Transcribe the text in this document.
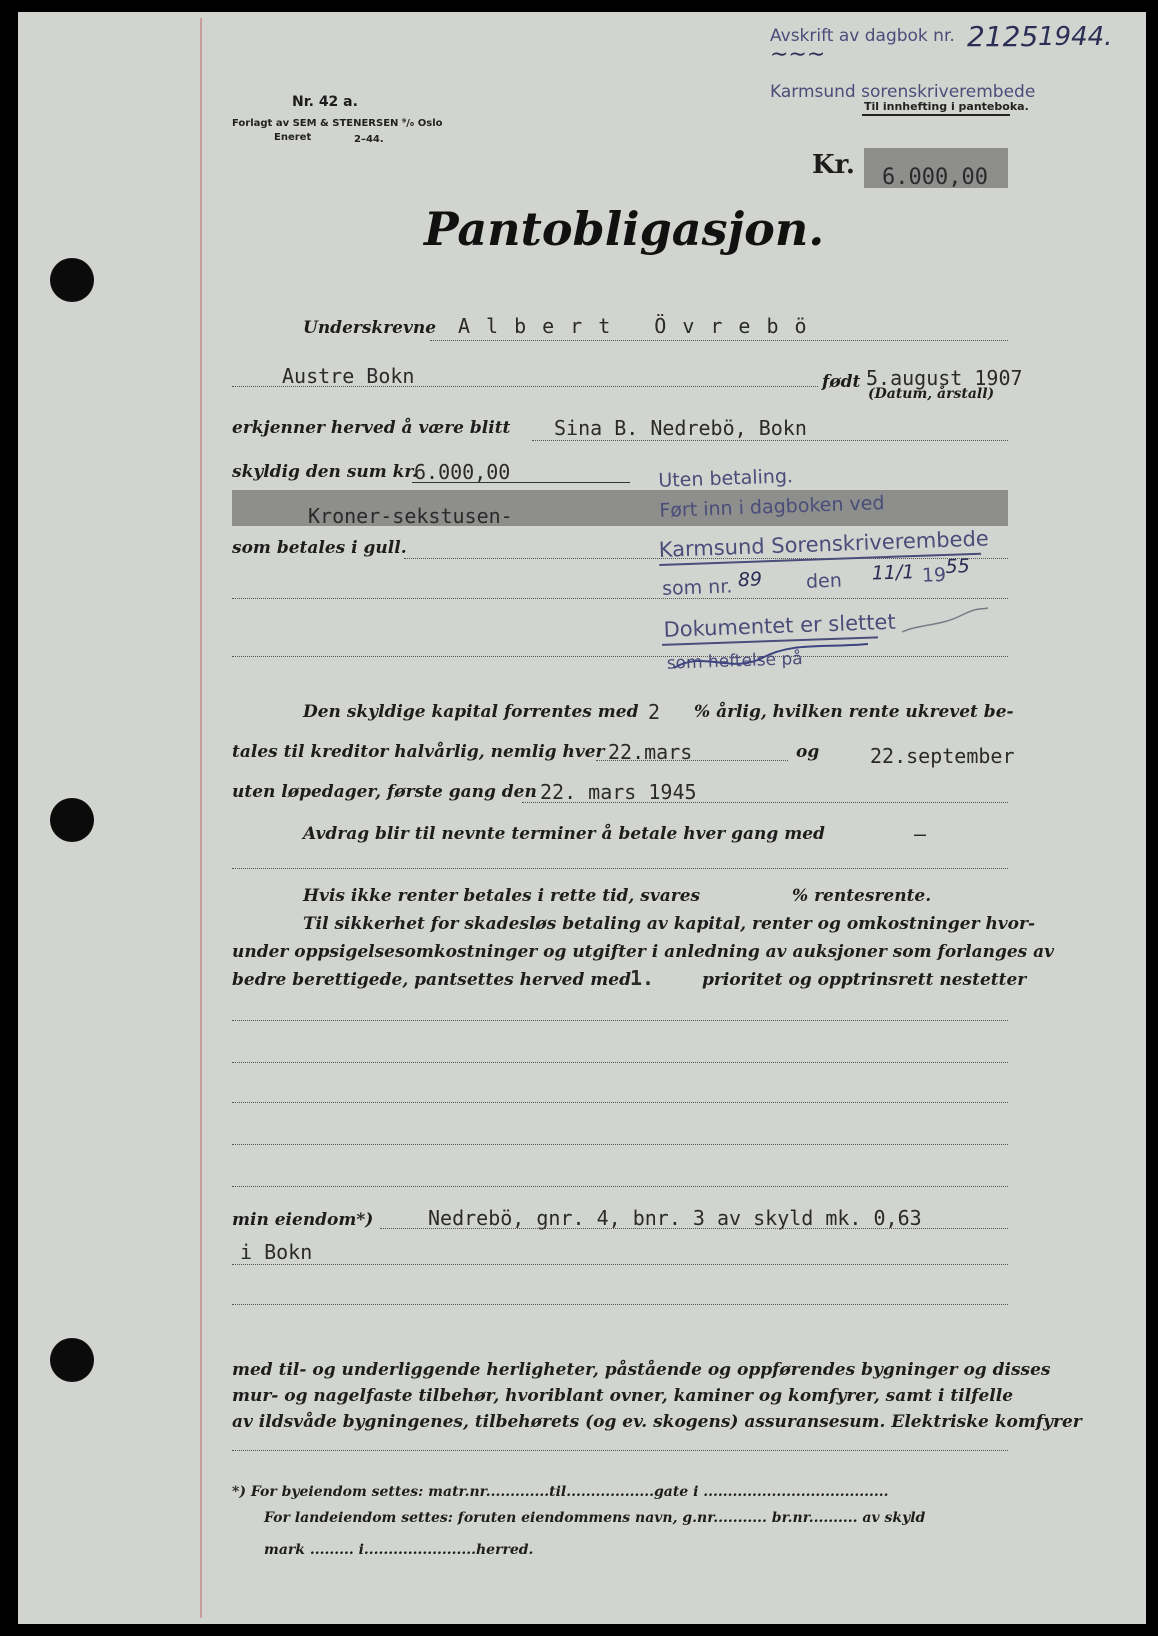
Avskrift av dagbok nr.
∼∼∼
2125 1944.
Karmsund sorenskriverembede
Til innhefting i panteboka.
Nr. 42 a.
Forlagt av SEM & STENERSEN ⁹/₀ Oslo
Eneret	2–44.
Kr. 6.000,00
Pantobligasjon.
Underskrevne Albert Övrebö
Austre Bokn	født 5.august 1907
(Datum, årstall)
erkjenner herved å være blitt Sina B. Nedrebö, Bokn
skyldig den sum kr.
6.000,00
Kroner-sekstusen-
som betales i gull.
Uten betaling.
Ført inn i dagboken ved
Karmsund Sorenskriverembede
som nr. 89 den 11/1 19
55
Dokumentet er slettet
som heftelse på
Den skyldige kapital forrentes med 2 % årlig, hvilken rente ukrevet be-
tales til kreditor halvårlig, nemlig hver 22.mars	og	22.september
uten løpedager, første gang den 22. mars 1945
Avdrag blir til nevnte terminer å betale hver gang med	–
Hvis ikke renter betales i rette tid, svares	% rentesrente.
Til sikkerhet for skadesløs betaling av kapital, renter og omkostninger hvor-
under oppsigelsesomkostninger og utgifter i anledning av auksjoner som forlanges av
bedre berettigede, pantsettes herved med 1.	prioritet og opptrinsrett nestetter
min eiendom*)	Nedrebö, gnr. 4, bnr. 3 av skyld mk. 0,63
i Bokn
med til- og underliggende herligheter, påstående og oppførendes bygninger og disses
mur- og nagelfaste tilbehør, hvoriblant ovner, kaminer og komfyrer, samt i tilfelle
av ildsvåde bygningenes, tilbehørets (og ev. skogens) assuransesum. Elektriske komfyrer
*) For byeiendom settes: matr.nr.............til..................gate i ......................................
For landeiendom settes: foruten eiendommens navn, g.nr........... br.nr.......... av skyld
mark ......... i.......................herred.
